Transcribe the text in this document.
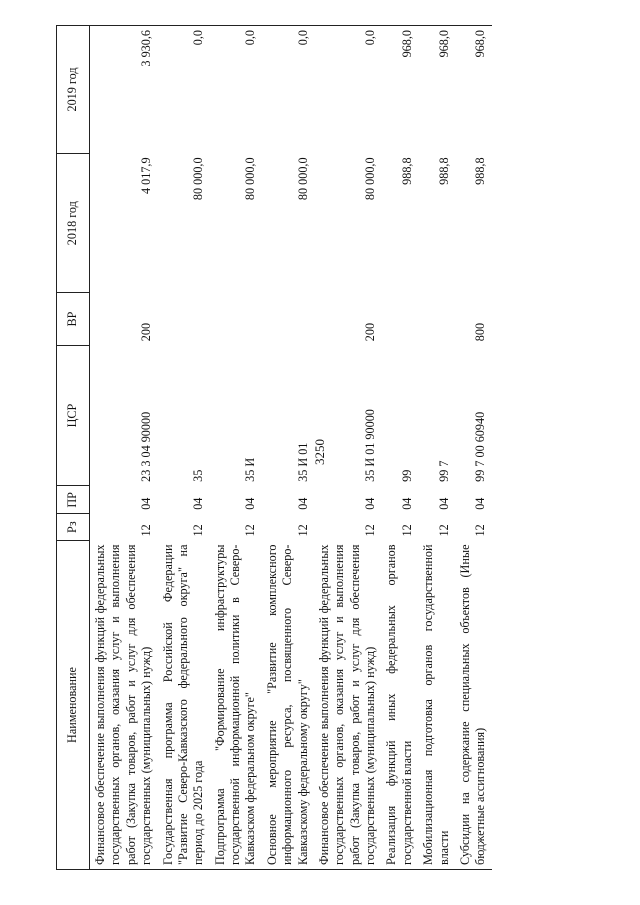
3250
Наименование	Рз	ПР	ЦСР	ВР	2018 год	2019 год
Финансовое обеспечение выполнения функций федеральных государственных органов, оказания услуг и выполнения работ (Закупка товаров, работ и услуг для обеспечения государственных (муниципальных) нужд)	12	04	23 3 04 90000	200	4 017,9	3 930,6
Государственная программа Российской Федерации "Развитие Северо-Кавказского федерального округа" на период до 2025 года	12	04	35		80 000,0	0,0
Подпрограмма "Формирование инфраструктуры государственной информационной политики в Северо-Кавказском федеральном округе"	12	04	35 И		80 000,0	0,0
Основное мероприятие "Развитие комплексного информационного ресурса, посвященного Северо-Кавказскому федеральному округу"	12	04	35 И 01		80 000,0	0,0
Финансовое обеспечение выполнения функций федеральных государственных органов, оказания услуг и выполнения работ (Закупка товаров, работ и услуг для обеспечения государственных (муниципальных) нужд)	12	04	35 И 01 90000	200	80 000,0	0,0
Реализация функций иных федеральных органов государственной власти	12	04	99		988,8	968,0
Мобилизационная подготовка органов государственной власти	12	04	99 7		988,8	968,0
Субсидии на содержание специальных объектов (Иные бюджетные ассигнования)	12	04	99 7 00 60940	800	988,8	968,0
